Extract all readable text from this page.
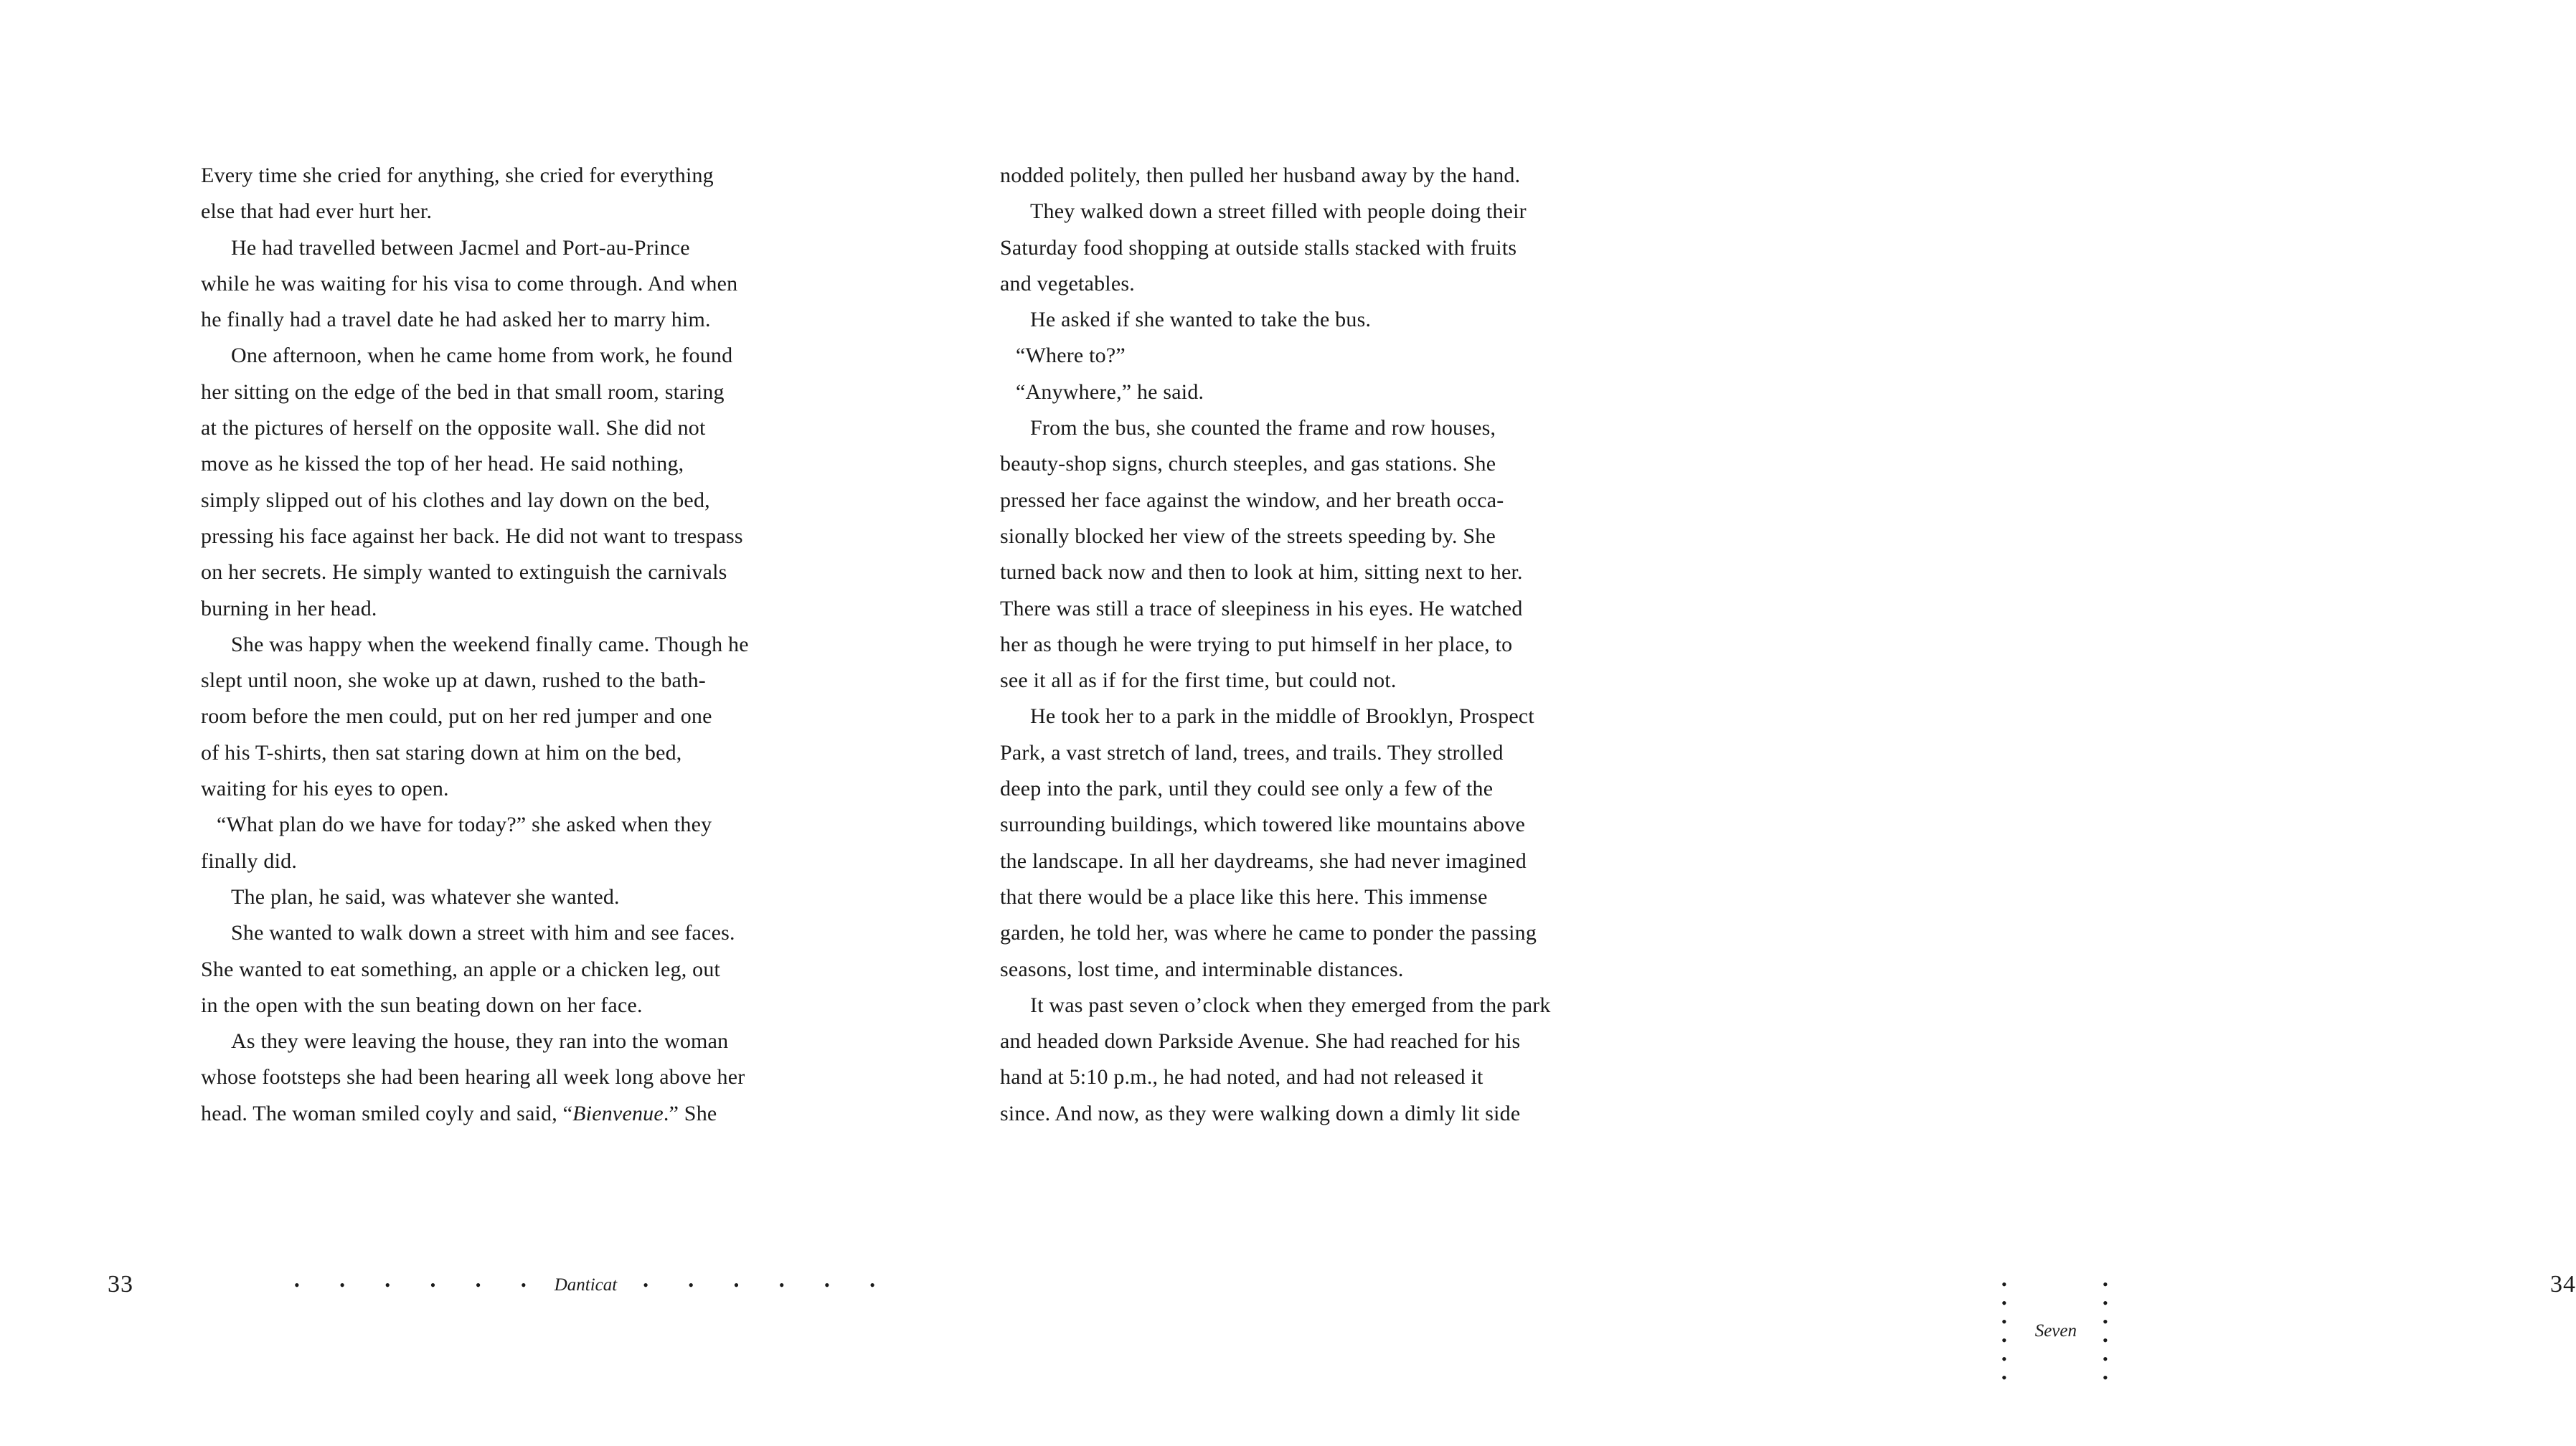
Every time she cried for anything, she cried for everything
else that had ever hurt her.
He had travelled between Jacmel and Port-au-Prince
while he was waiting for his visa to come through. And when
he finally had a travel date he had asked her to marry him.
One afternoon, when he came home from work, he found
her sitting on the edge of the bed in that small room, staring
at the pictures of herself on the opposite wall. She did not
move as he kissed the top of her head. He said nothing,
simply slipped out of his clothes and lay down on the bed,
pressing his face against her back. He did not want to trespass
on her secrets. He simply wanted to extinguish the carnivals
burning in her head.
She was happy when the weekend finally came. Though he
slept until noon, she woke up at dawn, rushed to the bath-
room before the men could, put on her red jumper and one
of his T-shirts, then sat staring down at him on the bed,
waiting for his eyes to open.
“What plan do we have for today?” she asked when they
finally did.
The plan, he said, was whatever she wanted.
She wanted to walk down a street with him and see faces.
She wanted to eat something, an apple or a chicken leg, out
in the open with the sun beating down on her face.
As they were leaving the house, they ran into the woman
whose footsteps she had been hearing all week long above her
head. The woman smiled coyly and said, “Bienvenue.” She
33	• • • • • • Danticat • • • • • •
nodded politely, then pulled her husband away by the hand.
They walked down a street filled with people doing their
Saturday food shopping at outside stalls stacked with fruits
and vegetables.
He asked if she wanted to take the bus.
“Where to?”
“Anywhere,” he said.
From the bus, she counted the frame and row houses,
beauty-shop signs, church steeples, and gas stations. She
pressed her face against the window, and her breath occa-
sionally blocked her view of the streets speeding by. She
turned back now and then to look at him, sitting next to her.
There was still a trace of sleepiness in his eyes. He watched
her as though he were trying to put himself in her place, to
see it all as if for the first time, but could not.
He took her to a park in the middle of Brooklyn, Prospect
Park, a vast stretch of land, trees, and trails. They strolled
deep into the park, until they could see only a few of the
surrounding buildings, which towered like mountains above
the landscape. In all her daydreams, she had never imagined
that there would be a place like this here. This immense
garden, he told her, was where he came to ponder the passing
seasons, lost time, and interminable distances.
It was past seven o’clock when they emerged from the park
and headed down Parkside Avenue. She had reached for his
hand at 5:10 p.m., he had noted, and had not released it
since. And now, as they were walking down a dimly lit side
• • • • • •
Seven
• • • • • •
34
